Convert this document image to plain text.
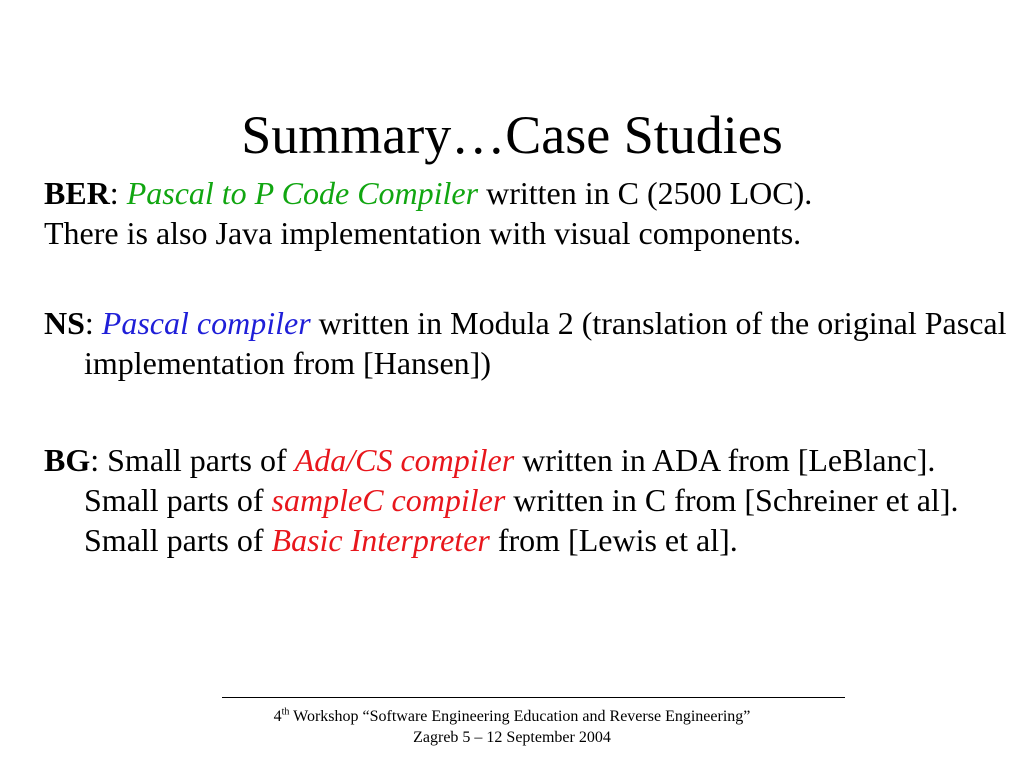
Summary…Case Studies

BER: Pascal to P Code Compiler written in C (2500 LOC).

There is also Java implementation with visual components.

NS: Pascal compiler written in Modula 2 (translation of the original Pascal implementation from [Hansen])

BG: Small parts of Ada/CS compiler written in ADA from [LeBlanc]. Small parts of sampleC compiler written in C from [Schreiner et al]. Small parts of Basic Interpreter from [Lewis et al].

4th Workshop “Software Engineering Education and Reverse Engineering”
Zagreb 5 – 12 September 2004
